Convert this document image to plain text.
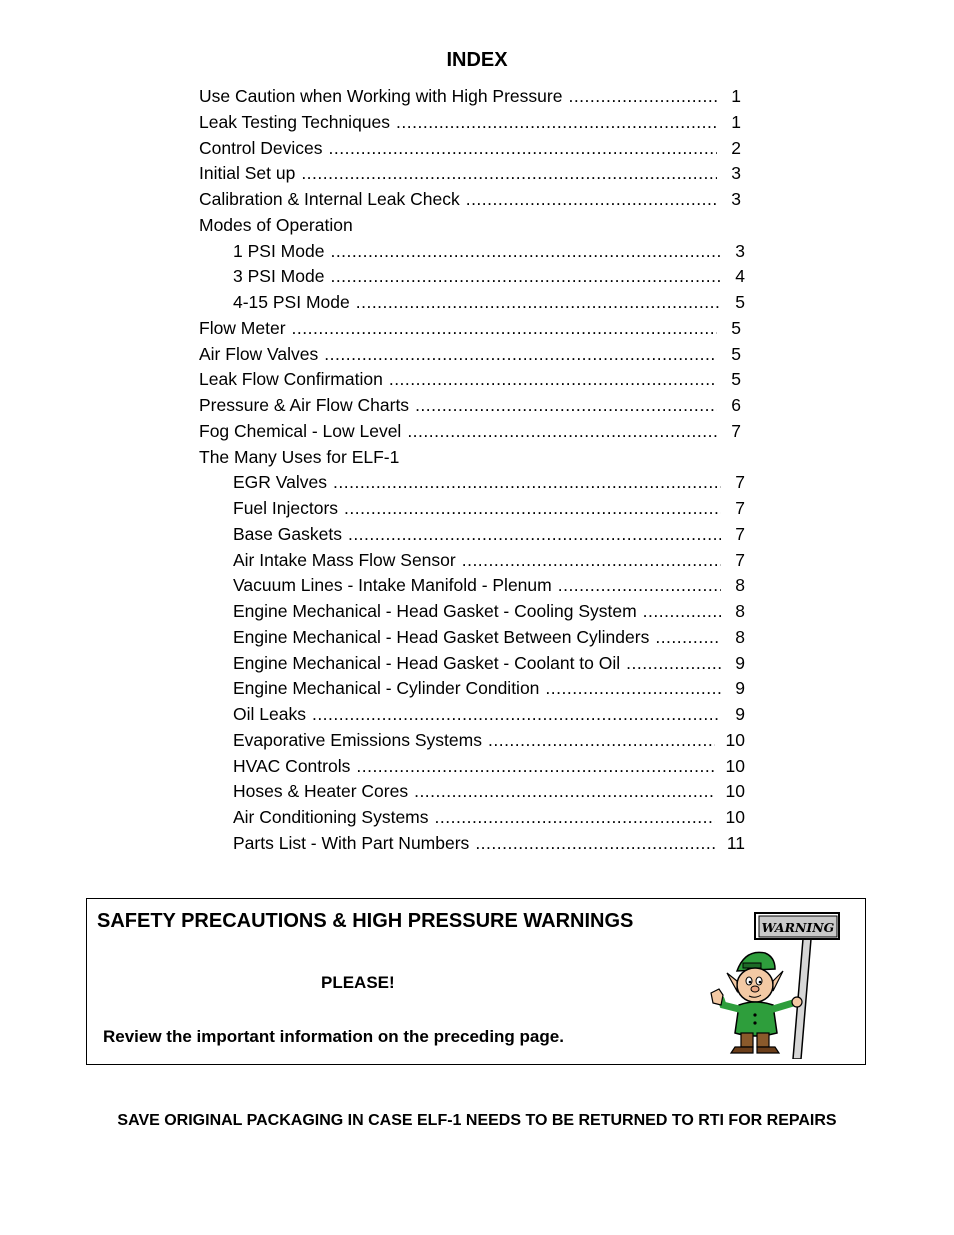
INDEX
Use Caution when Working with High Pressure .....	1
Leak Testing Techniques .....	1
Control Devices .....	2
Initial Set up .....	3
Calibration & Internal Leak Check .....	3
Modes of Operation
1 PSI Mode .....	3
3 PSI Mode .....	4
4-15 PSI Mode .....	5
Flow Meter .....	5
Air Flow Valves .....	5
Leak Flow Confirmation .....	5
Pressure & Air Flow Charts .....	6
Fog Chemical - Low Level .....	7
The Many Uses for ELF-1
EGR Valves .....	7
Fuel Injectors .....	7
Base Gaskets .....	7
Air Intake Mass Flow Sensor .....	7
Vacuum Lines - Intake Manifold - Plenum .....	8
Engine Mechanical - Head Gasket - Cooling System .....	8
Engine Mechanical - Head Gasket Between Cylinders .....	8
Engine Mechanical - Head Gasket - Coolant to Oil .....	9
Engine Mechanical - Cylinder Condition .....	9
Oil Leaks .....	9
Evaporative Emissions Systems .....	10
HVAC Controls .....	10
Hoses & Heater Cores .....	10
Air Conditioning Systems .....	10
Parts List - With Part Numbers .....	11
SAFETY PRECAUTIONS & HIGH PRESSURE WARNINGS
PLEASE!
Review the important information on the preceding page.
WARNING
SAVE ORIGINAL PACKAGING IN CASE ELF-1 NEEDS TO BE RETURNED TO RTI FOR REPAIRS
